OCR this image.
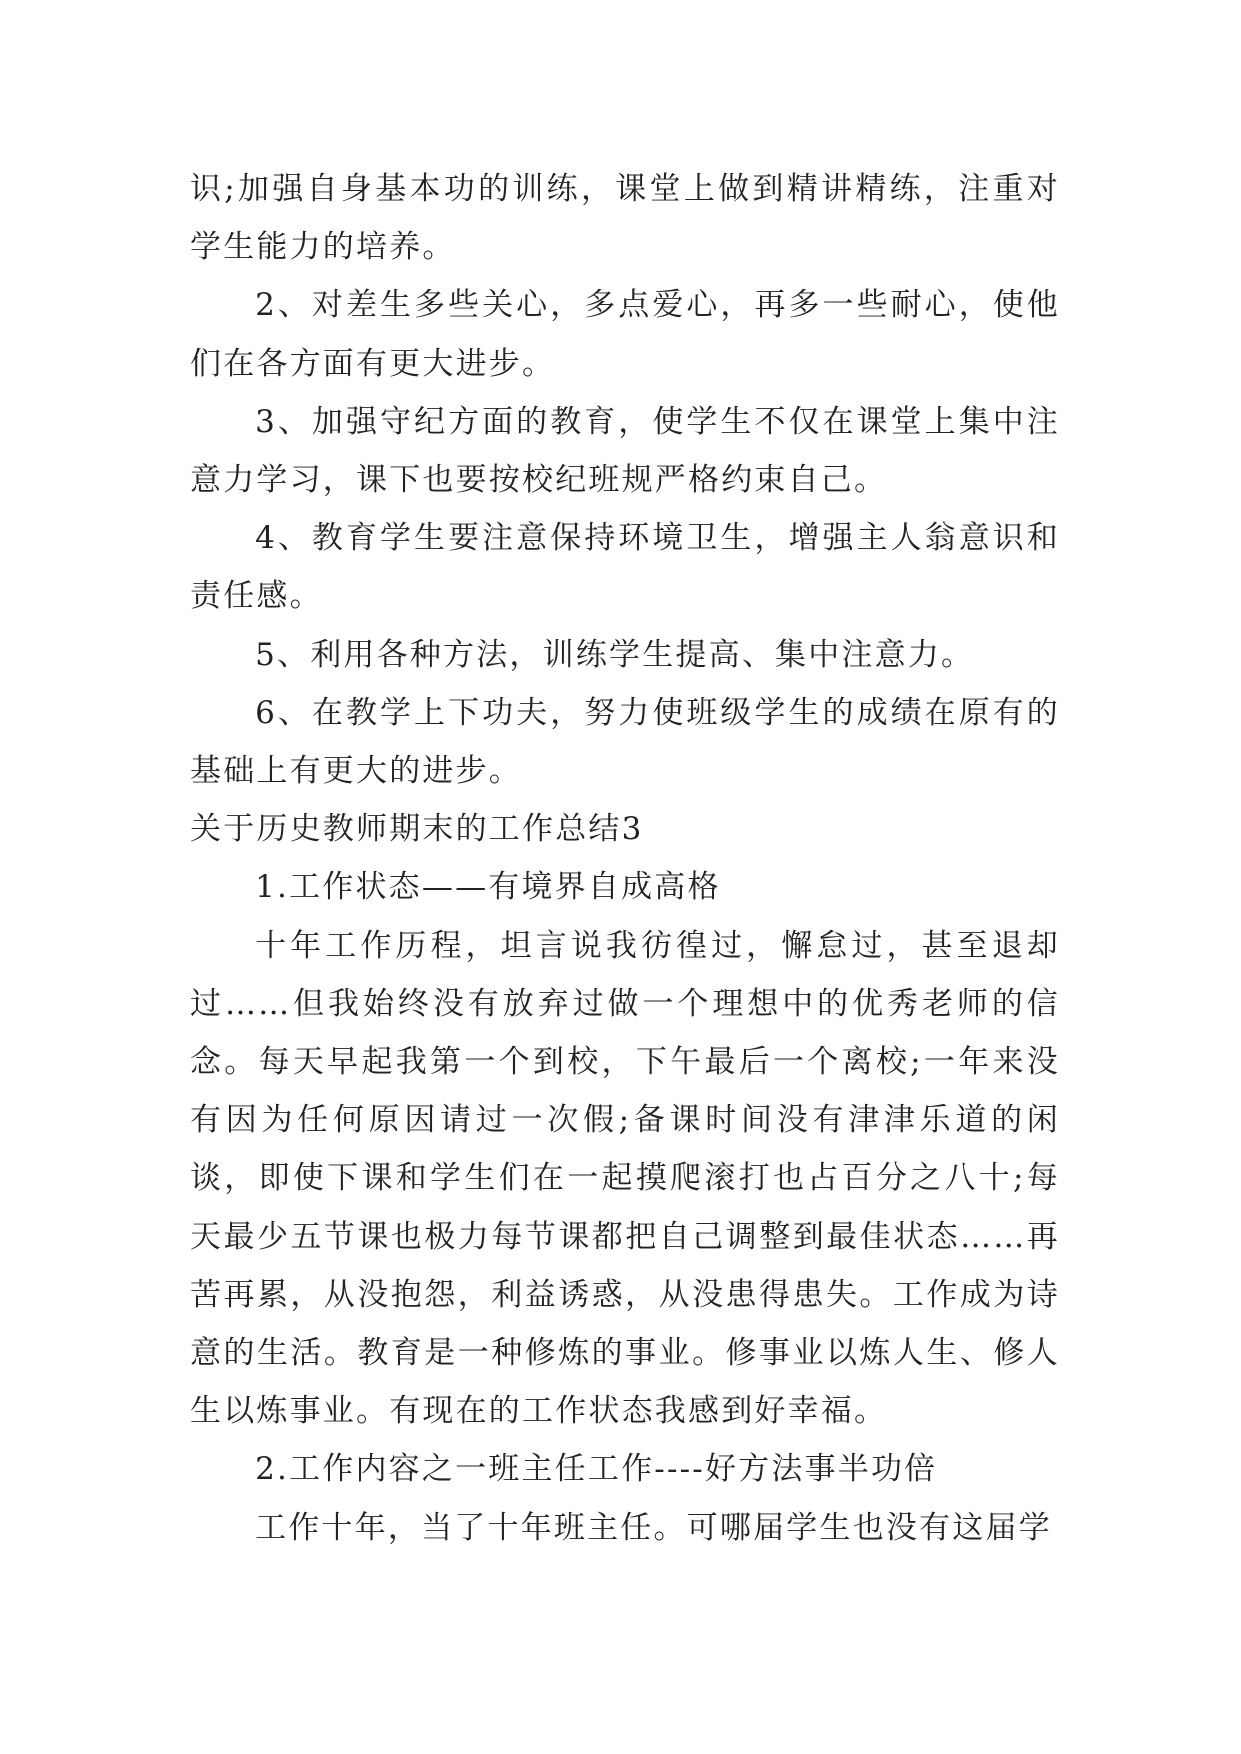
识;加强自身基本功的训练，课堂上做到精讲精练，注重对学生能力的培养。

2、对差生多些关心，多点爱心，再多一些耐心，使他们在各方面有更大进步。

3、加强守纪方面的教育，使学生不仅在课堂上集中注意力学习，课下也要按校纪班规严格约束自己。

4、教育学生要注意保持环境卫生，增强主人翁意识和责任感。

5、利用各种方法，训练学生提高、集中注意力。

6、在教学上下功夫，努力使班级学生的成绩在原有的基础上有更大的进步。

关于历史教师期末的工作总结3

1.工作状态——有境界自成高格

十年工作历程，坦言说我彷徨过，懈怠过，甚至退却过……但我始终没有放弃过做一个理想中的优秀老师的信念。每天早起我第一个到校，下午最后一个离校;一年来没有因为任何原因请过一次假;备课时间没有津津乐道的闲谈，即使下课和学生们在一起摸爬滚打也占百分之八十;每天最少五节课也极力每节课都把自己调整到最佳状态……再苦再累，从没抱怨，利益诱惑，从没患得患失。工作成为诗意的生活。教育是一种修炼的事业。修事业以炼人生、修人生以炼事业。有现在的工作状态我感到好幸福。

2.工作内容之一班主任工作----好方法事半功倍

工作十年，当了十年班主任。可哪届学生也没有这届学
